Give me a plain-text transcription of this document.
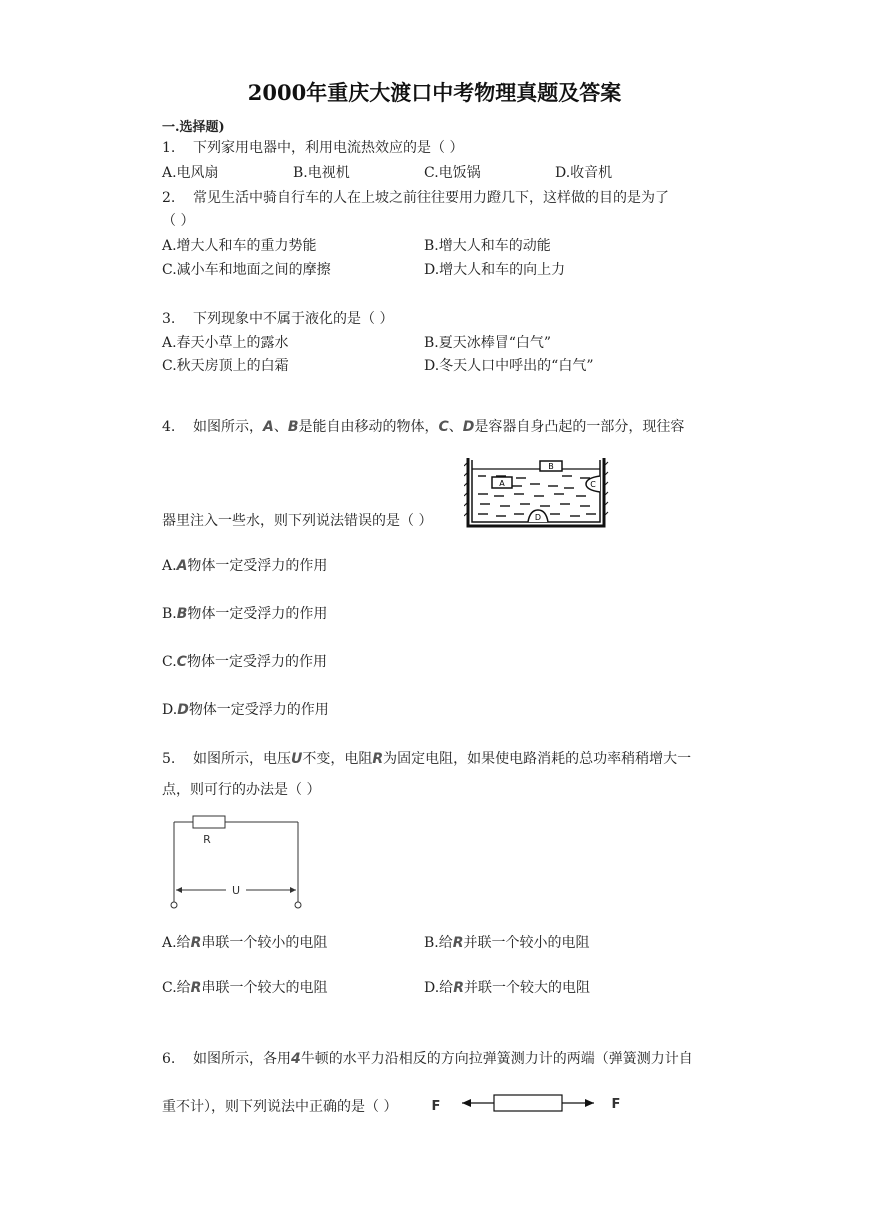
2000年重庆大渡口中考物理真题及答案
一.选择题)
1. 下列家用电器中，利用电流热效应的是（ ）
A.电风扇	B.电视机	C.电饭锅	D.收音机
2. 常见生活中骑自行车的人在上坡之前往往要用力蹬几下，这样做的目的是为了
（ ）
A.增大人和车的重力势能	B.增大人和车的动能
C.减小车和地面之间的摩擦	D.增大人和车的向上力
3. 下列现象中不属于液化的是（ ）
A.春天小草上的露水	B.夏天冰棒冒“白气”
C.秋天房顶上的白霜	D.冬天人口中呼出的“白气”
4. 如图所示，A、B是能自由移动的物体，C、D是容器自身凸起的一部分，现往容
B
A	C
D
器里注入一些水，则下列说法错误的是（ ）
A.A物体一定受浮力的作用
B.B物体一定受浮力的作用
C.C物体一定受浮力的作用
D.D物体一定受浮力的作用
5. 如图所示，电压U不变，电阻R为固定电阻，如果使电路消耗的总功率稍稍增大一
点，则可行的办法是（ ）
R
U
A.给R串联一个较小的电阻	B.给R并联一个较小的电阻
C.给R串联一个较大的电阻	D.给R并联一个较大的电阻
6. 如图所示，各用4牛顿的水平力沿相反的方向拉弹簧测力计的两端（弹簧测力计自
重不计），则下列说法中正确的是（ ）	F	F
